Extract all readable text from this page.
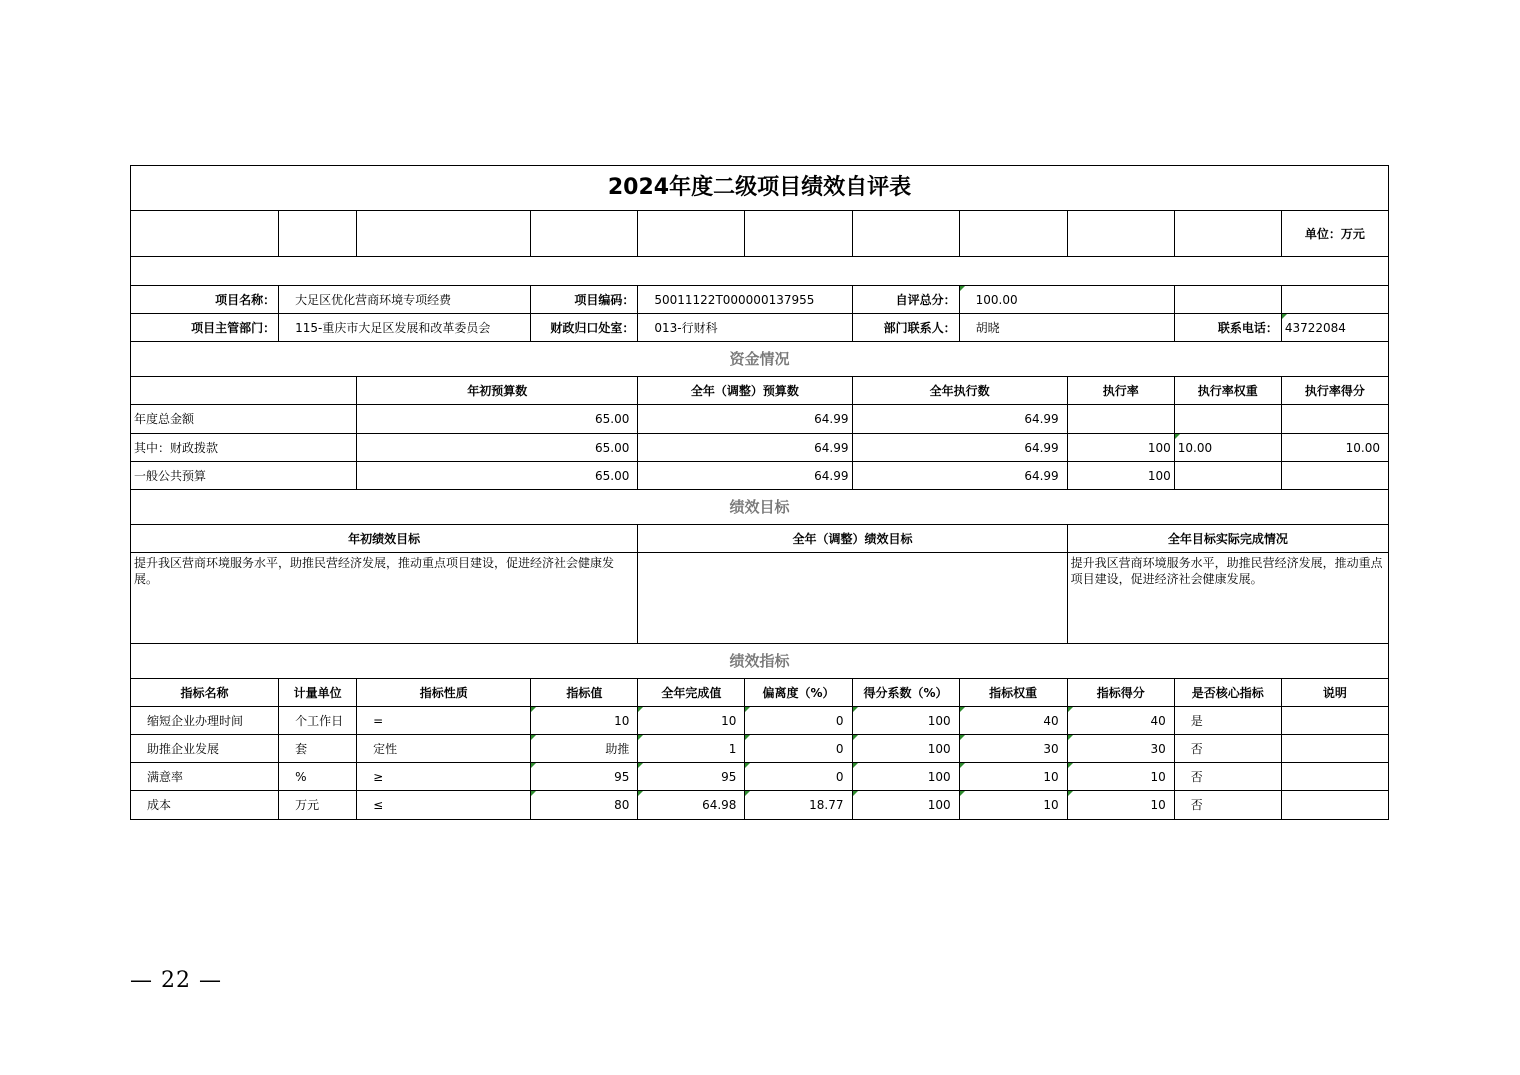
2024年度二级项目绩效自评表										
										单位：万元

项目名称：	大足区优化营商环境专项经费		项目编码：	50011122T000000137955		自评总分：	100.00			
项目主管部门：	115-重庆市大足区发展和改革委员会		财政归口处室：	013-行财科		部门联系人：	胡晓		联系电话：	43722084
资金情况										
		年初预算数		全年（调整）预算数		全年执行数		执行率	执行率权重	执行率得分
年度总金额		65.00		64.99		64.99				
其中：财政拨款		65.00		64.99		64.99		100	10.00	10.00
一般公共预算		65.00		64.99		64.99		100		
绩效目标										
年初绩效目标				全年（调整）绩效目标				全年目标实际完成情况		
提升我区营商环境服务水平，助推民营经济发展，推动重点项目建设，促进经济社会健康发展。								提升我区营商环境服务水平，助推民营经济发展，推动重点项目建设，促进经济社会健康发展。		
绩效指标										
指标名称	计量单位	指标性质	指标值	全年完成值	偏离度（%）	得分系数（%）	指标权重	指标得分	是否核心指标	说明
缩短企业办理时间	个工作日	=	10	10	0	100	40	40	是	
助推企业发展	套	定性	助推	1	0	100	30	30	否	
满意率	%	≥	95	95	0	100	10	10	否	
成本	万元	≤	80	64.98	18.77	100	10	10	否	
— 22 —
